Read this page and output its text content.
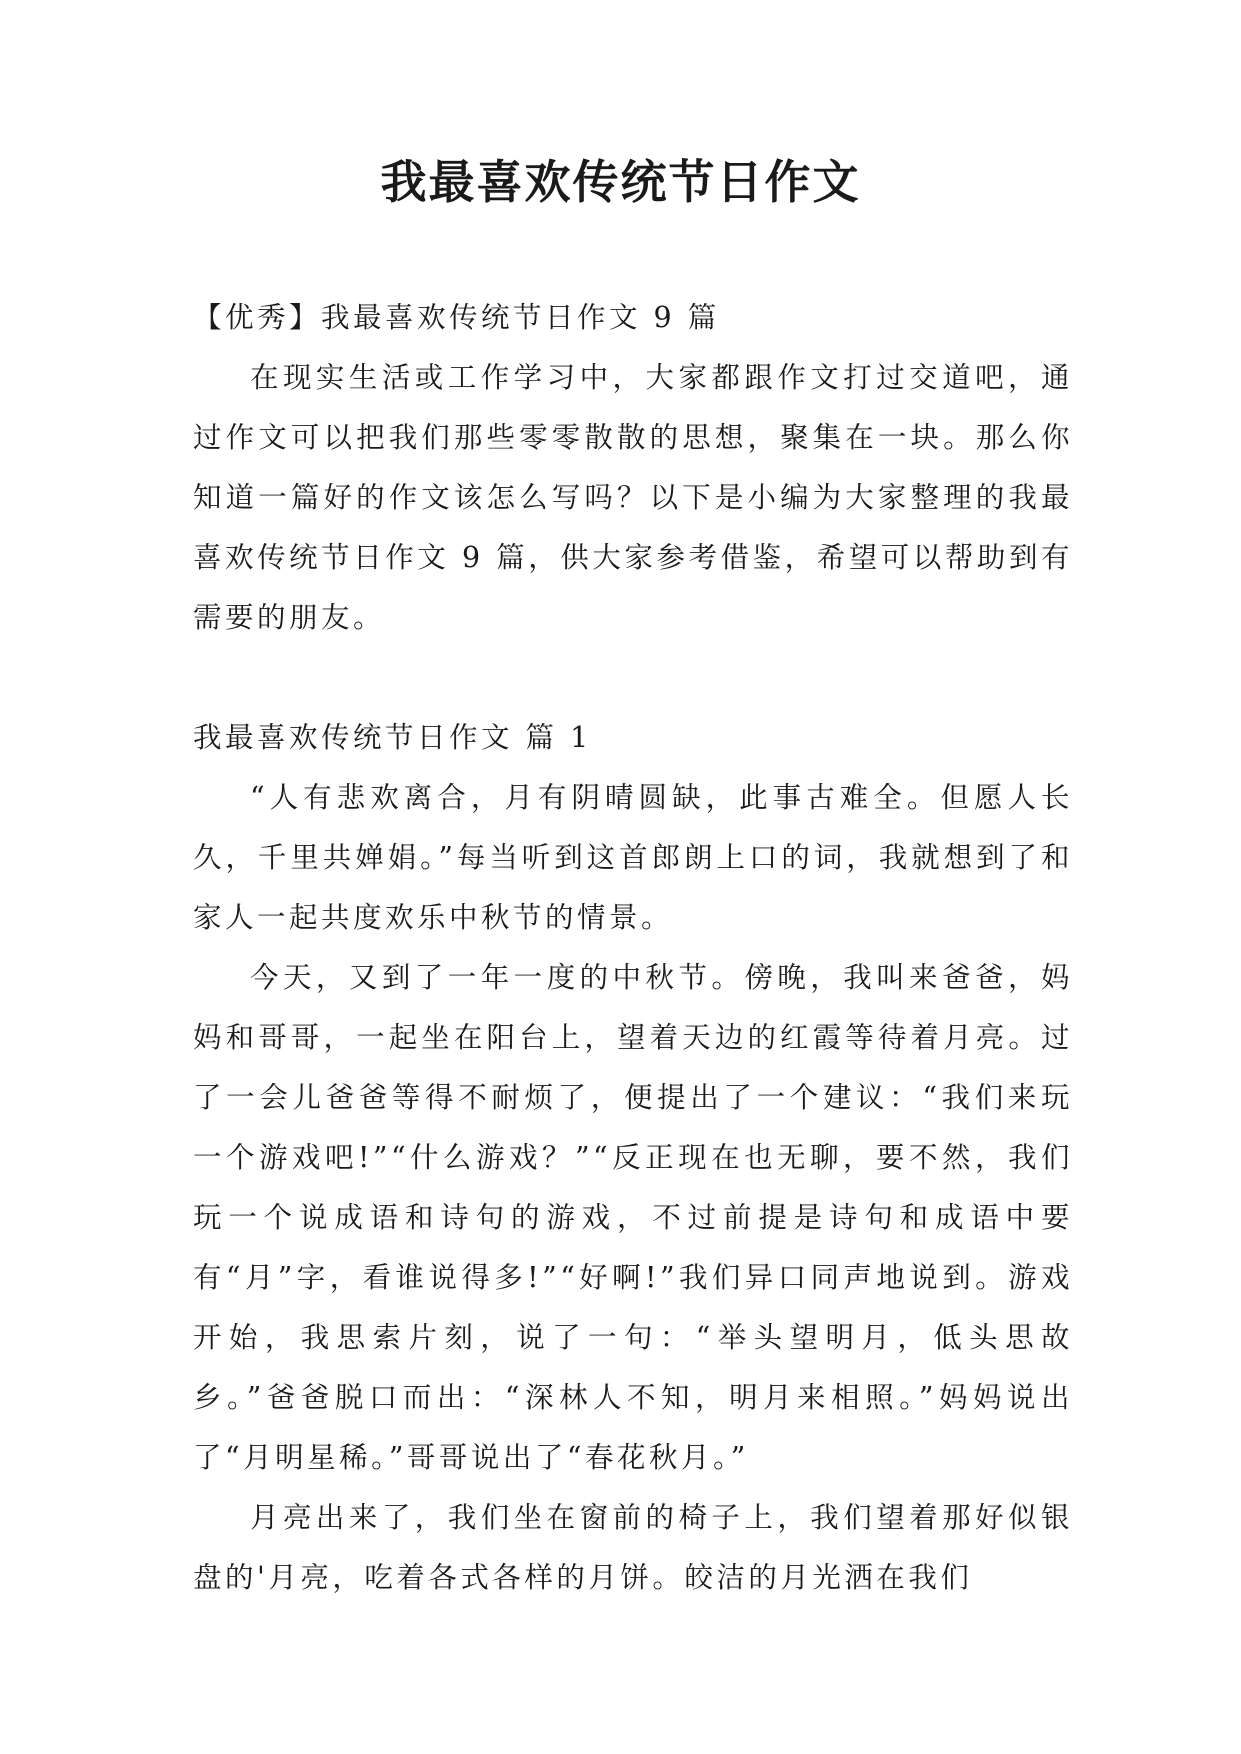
我最喜欢传统节日作文

【优秀】我最喜欢传统节日作文 9 篇

在现实生活或工作学习中，大家都跟作文打过交道吧，通过作文可以把我们那些零零散散的思想，聚集在一块。那么你知道一篇好的作文该怎么写吗？以下是小编为大家整理的我最喜欢传统节日作文 9 篇，供大家参考借鉴，希望可以帮助到有需要的朋友。

我最喜欢传统节日作文 篇 1

“人有悲欢离合，月有阴晴圆缺，此事古难全。但愿人长久，千里共婵娟。”每当听到这首郎朗上口的词，我就想到了和家人一起共度欢乐中秋节的情景。

今天，又到了一年一度的中秋节。傍晚，我叫来爸爸，妈妈和哥哥，一起坐在阳台上，望着天边的红霞等待着月亮。过了一会儿爸爸等得不耐烦了，便提出了一个建议：“我们来玩一个游戏吧!”“什么游戏？”“反正现在也无聊，要不然，我们玩一个说成语和诗句的游戏，不过前提是诗句和成语中要有“月”字，看谁说得多!”“好啊!”我们异口同声地说到。游戏开始，我思索片刻，说了一句：“举头望明月，低头思故乡。”爸爸脱口而出：“深林人不知，明月来相照。”妈妈说出了“月明星稀。”哥哥说出了“春花秋月。”

月亮出来了，我们坐在窗前的椅子上，我们望着那好似银盘的'月亮，吃着各式各样的月饼。皎洁的月光洒在我们
